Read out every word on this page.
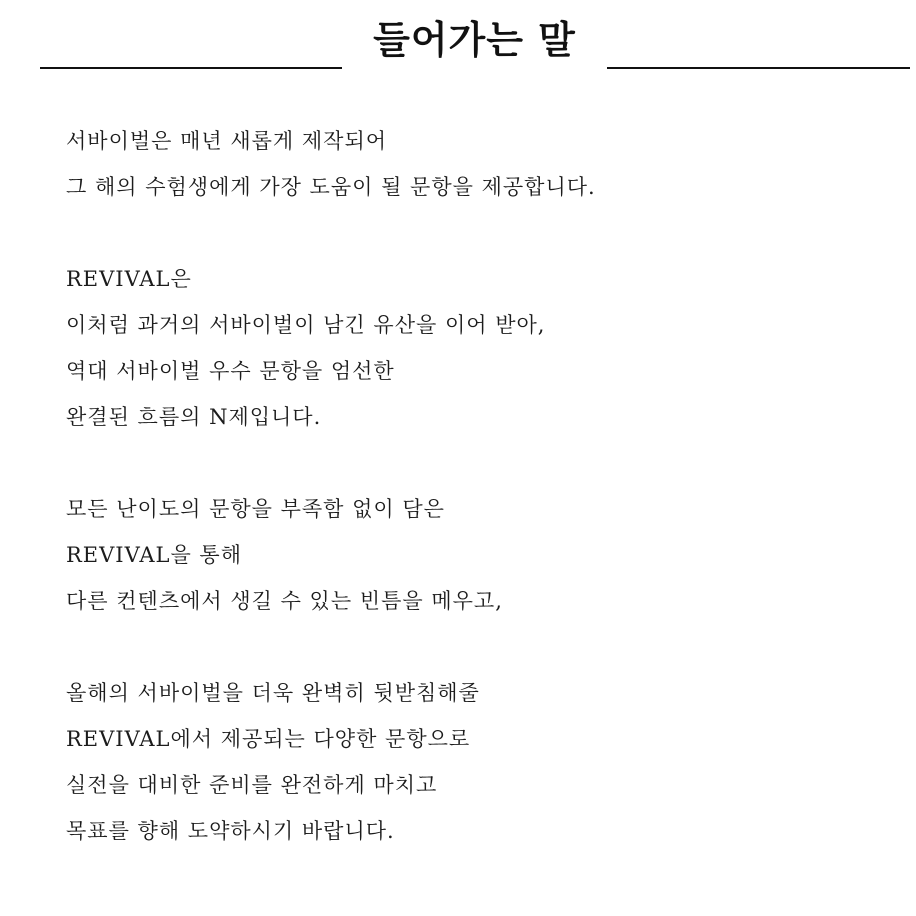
들어가는 말
서바이벌은 매년 새롭게 제작되어
그 해의 수험생에게 가장 도움이 될 문항을 제공합니다.
REVIVAL은
이처럼 과거의 서바이벌이 남긴 유산을 이어 받아,
역대 서바이벌 우수 문항을 엄선한
완결된 흐름의 N제입니다.
모든 난이도의 문항을 부족함 없이 담은
REVIVAL을 통해
다른 컨텐츠에서 생길 수 있는 빈틈을 메우고,
올해의 서바이벌을 더욱 완벽히 뒷받침해줄
REVIVAL에서 제공되는 다양한 문항으로
실전을 대비한 준비를 완전하게 마치고
목표를 향해 도약하시기 바랍니다.
